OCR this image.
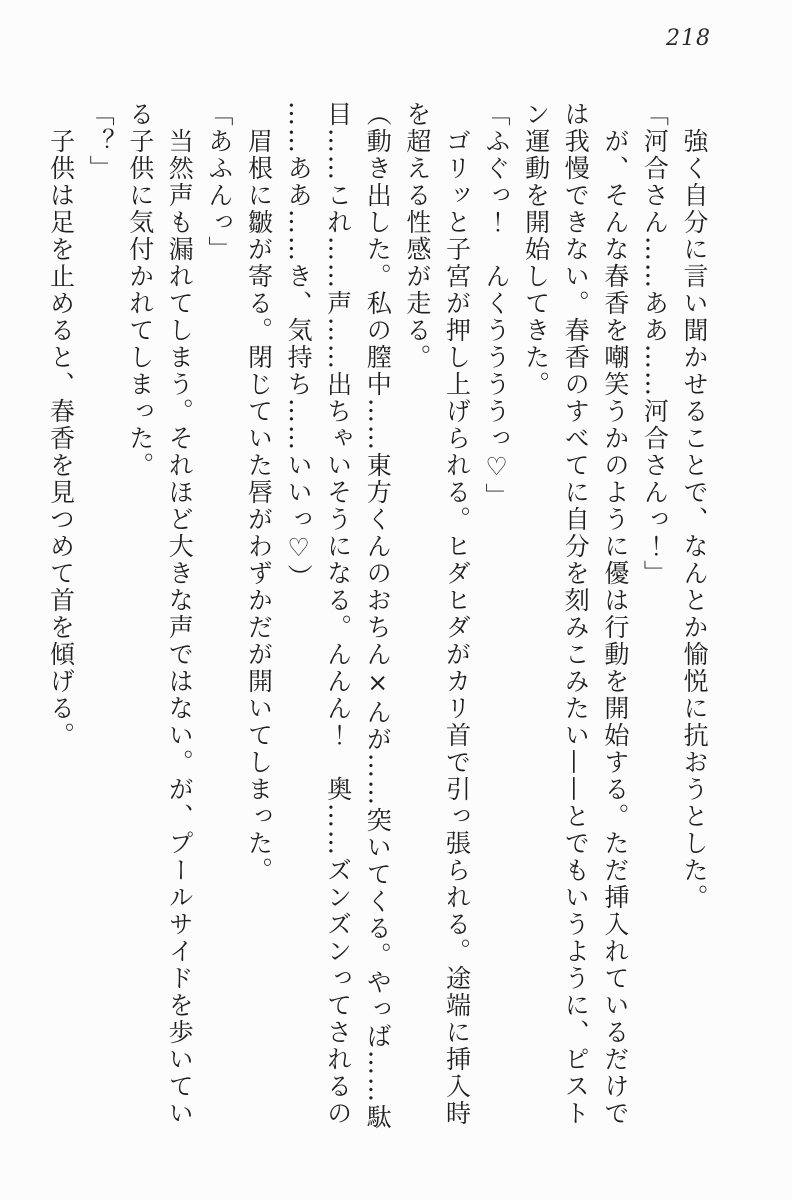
218
　強く自分に言い聞かせることで、なんとか愉悦に抗おうとした。
「河合さん……ああ……河合さんっ！」
　が、そんな春香を嘲笑うかのように優は行動を開始する。ただ挿入れているだけで
は我慢できない。春香のすべてに自分を刻みこみたい——とでもいうように、ピスト
ン運動を開始してきた。
「ふぐっ！　んくううううっ♡」
　ゴリッと子宮が押し上げられる。ヒダヒダがカリ首で引っ張られる。途端に挿入時
を超える性感が走る。
（動き出した。私の膣中……東方くんのおちん×んが……突いてくる。やっば……駄
目……これ……声……出ちゃいそうになる。んんん！　奥……ズンズンってされるの
……ああ……き、気持ち……いいっ♡）
　眉根に皺が寄る。閉じていた唇がわずかだが開いてしまった。
「あふんっ」
　当然声も漏れてしまう。それほど大きな声ではない。が、プールサイドを歩いてい
る子供に気付かれてしまった。
「？」
　子供は足を止めると、春香を見つめて首を傾げる。
